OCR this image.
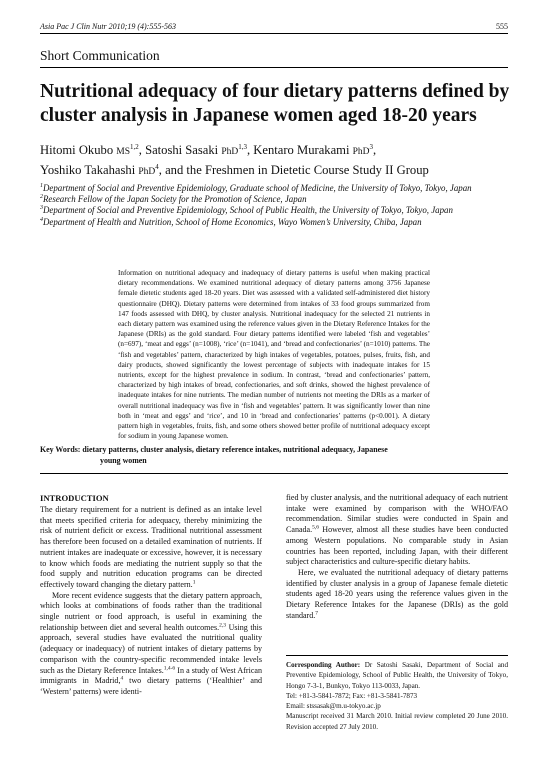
Asia Pac J Clin Nutr 2010;19 (4):555-563	555
Short Communication
Nutritional adequacy of four dietary patterns defined by cluster analysis in Japanese women aged 18-20 years
Hitomi Okubo MS$^{1,2}$, Satoshi Sasaki PhD$^{1,3}$, Kentaro Murakami PhD$^3$,
Yoshiko Takahashi PhD$^4$, and the Freshmen in Dietetic Course Study II Group
$^1$Department of Social and Preventive Epidemiology, Graduate school of Medicine, the University of Tokyo, Tokyo, Japan
$^2$Research Fellow of the Japan Society for the Promotion of Science, Japan
$^3$Department of Social and Preventive Epidemiology, School of Public Health, the University of Tokyo, Tokyo, Japan
$^4$Department of Health and Nutrition, School of Home Economics, Wayo Women’s University, Chiba, Japan

Information on nutritional adequacy and inadequacy of dietary patterns is useful when making practical dietary recommendations. We examined nutritional adequacy of dietary patterns among 3756 Japanese female dietetic students aged 18-20 years. Diet was assessed with a validated self-administered diet history questionnaire (DHQ). Dietary patterns were determined from intakes of 33 food groups summarized from 147 foods assessed with DHQ, by cluster analysis. Nutritional inadequacy for the selected 21 nutrients in each dietary pattern was examined using the reference values given in the Dietary Reference Intakes for the Japanese (DRIs) as the gold standard. Four dietary patterns identified were labeled ‘fish and vegetables’ (n=697), ‘meat and eggs’ (n=1008), ‘rice’ (n=1041), and ‘bread and confectionaries’ (n=1010) patterns. The ‘fish and vegetables’ pattern, characterized by high intakes of vegetables, potatoes, pulses, fruits, fish, and dairy products, showed significantly the lowest percentage of subjects with inadequate intakes for 15 nutrients, except for the highest prevalence in sodium. In contrast, ‘bread and confectionaries’ pattern, characterized by high intakes of bread, confectionaries, and soft drinks, showed the highest prevalence of inadequate intakes for nine nutrients. The median number of nutrients not meeting the DRIs as a marker of overall nutritional inadequacy was five in ‘fish and vegetables’ pattern. It was significantly lower than nine both in ‘meat and eggs’ and ‘rice’, and 10 in ‘bread and confectionaries’ patterns (p<0.001). A dietary pattern high in vegetables, fruits, fish, and some others showed better profile of nutritional adequacy except for sodium in young Japanese women.

Key Words: dietary patterns, cluster analysis, dietary reference intakes, nutritional adequacy, Japanese
young women
INTRODUCTION

The dietary requirement for a nutrient is defined as an intake level that meets specified criteria for adequacy, thereby minimizing the risk of nutrient deficit or excess. Traditional nutritional assessment has therefore been focused on a detailed examination of nutrients. If nutrient intakes are inadequate or excessive, however, it is necessary to know which foods are mediating the nutrient supply so that the food supply and nutrition education programs can be directed effectively toward changing the dietary pattern.$^1$

More recent evidence suggests that the dietary pattern approach, which looks at combinations of foods rather than the traditional single nutrient or food approach, is useful in examining the relationship between diet and several health outcomes.$^{2,3}$ Using this approach, several studies have evaluated the nutritional quality (adequacy or inadequacy) of nutrient intakes of dietary patterns by comparison with the country-specific recommended intake levels such as the Dietary Reference Intakes.$^{1,4-6}$ In a study of West African immigrants in Madrid,$^4$ two dietary patterns (‘Healthier’ and ‘Western’ patterns) were identi-

fied by cluster analysis, and the nutritional adequacy of each nutrient intake were examined by comparison with the WHO/FAO recommendation. Similar studies were conducted in Spain and Canada.$^{5,6}$ However, almost all these studies have been conducted among Western populations. No comparable study in Asian countries has been reported, including Japan, with their different subject characteristics and culture-specific dietary habits.

Here, we evaluated the nutritional adequacy of dietary patterns identified by cluster analysis in a group of Japanese female dietetic students aged 18-20 years using the reference values given in the Dietary Reference Intakes for the Japanese (DRIs) as the gold standard.$^7$

Corresponding Author: Dr Satoshi Sasaki, Department of Social and Preventive Epidemiology, School of Public Health, the University of Tokyo, Hongo 7-3-1, Bunkyo, Tokyo 113-0033, Japan.
Tel: +81-3-5841-7872; Fax: +81-3-5841-7873
Email: stssasak@m.u-tokyo.ac.jp
Manuscript received 31 March 2010. Initial review completed 20 June 2010. Revision accepted 27 July 2010.
